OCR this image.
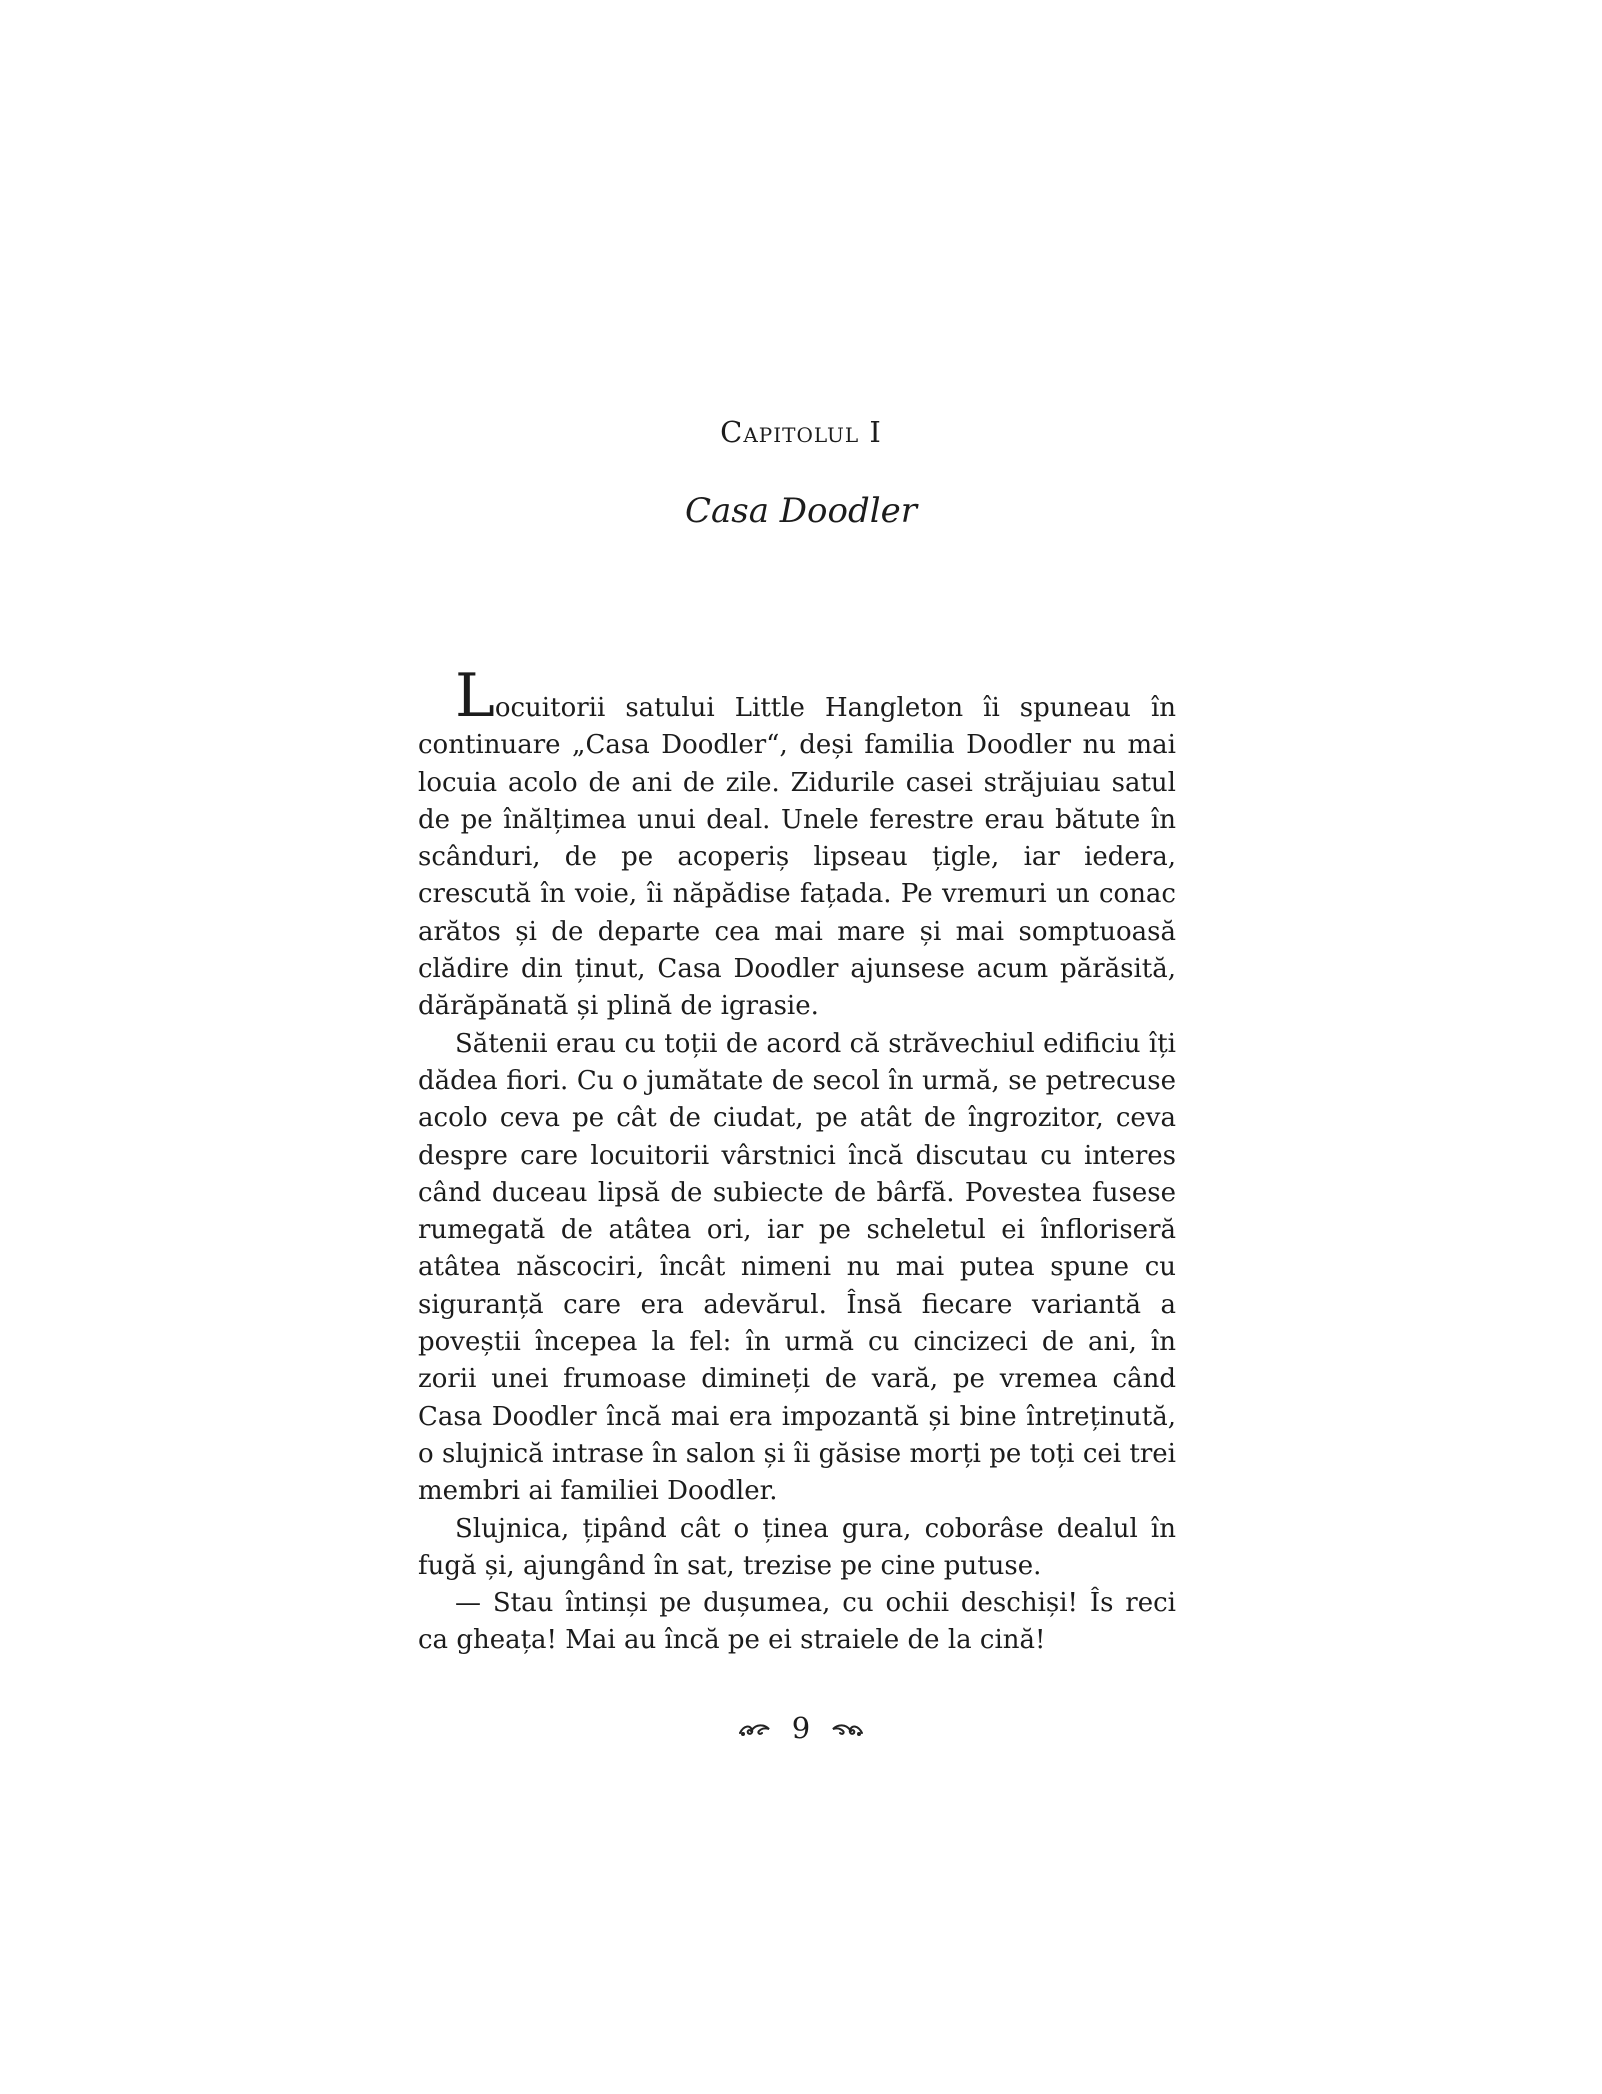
Capitolul I
Casa Doodler

Locuitorii satului Little Hangleton îi spuneau în continuare „Casa Doodler“, deși familia Doodler nu mai locuia acolo de ani de zile. Zidurile casei străjuiau satul de pe înălțimea unui deal. Unele ferestre erau bătute în scânduri, de pe acoperiș lipseau țigle, iar iedera, crescută în voie, îi năpădise fațada. Pe vremuri un conac arătos și de departe cea mai mare și mai somptuoasă clădire din ținut, Casa Doodler ajunsese acum părăsită, dărăpănată și plină de igrasie.

Sătenii erau cu toții de acord că străvechiul edificiu îți dădea fiori. Cu o jumătate de secol în urmă, se petrecuse acolo ceva pe cât de ciudat, pe atât de îngrozitor, ceva despre care locuitorii vârstnici încă discutau cu interes când duceau lipsă de subiecte de bârfă. Povestea fusese rumegată de atâtea ori, iar pe scheletul ei înfloriseră atâtea născociri, încât nimeni nu mai putea spune cu siguranță care era adevărul. Însă fiecare variantă a poveștii începea la fel: în urmă cu cincizeci de ani, în zorii unei frumoase dimineți de vară, pe vremea când Casa Doodler încă mai era impozantă și bine întreținută, o slujnică intrase în salon și îi găsise morți pe toți cei trei membri ai familiei Doodler.

Slujnica, țipând cât o ținea gura, coborâse dealul în fugă și, ajungând în sat, trezise pe cine putuse.

— Stau întinși pe dușumea, cu ochii deschiși! Îs reci ca gheața! Mai au încă pe ei straiele de la cină!

9
